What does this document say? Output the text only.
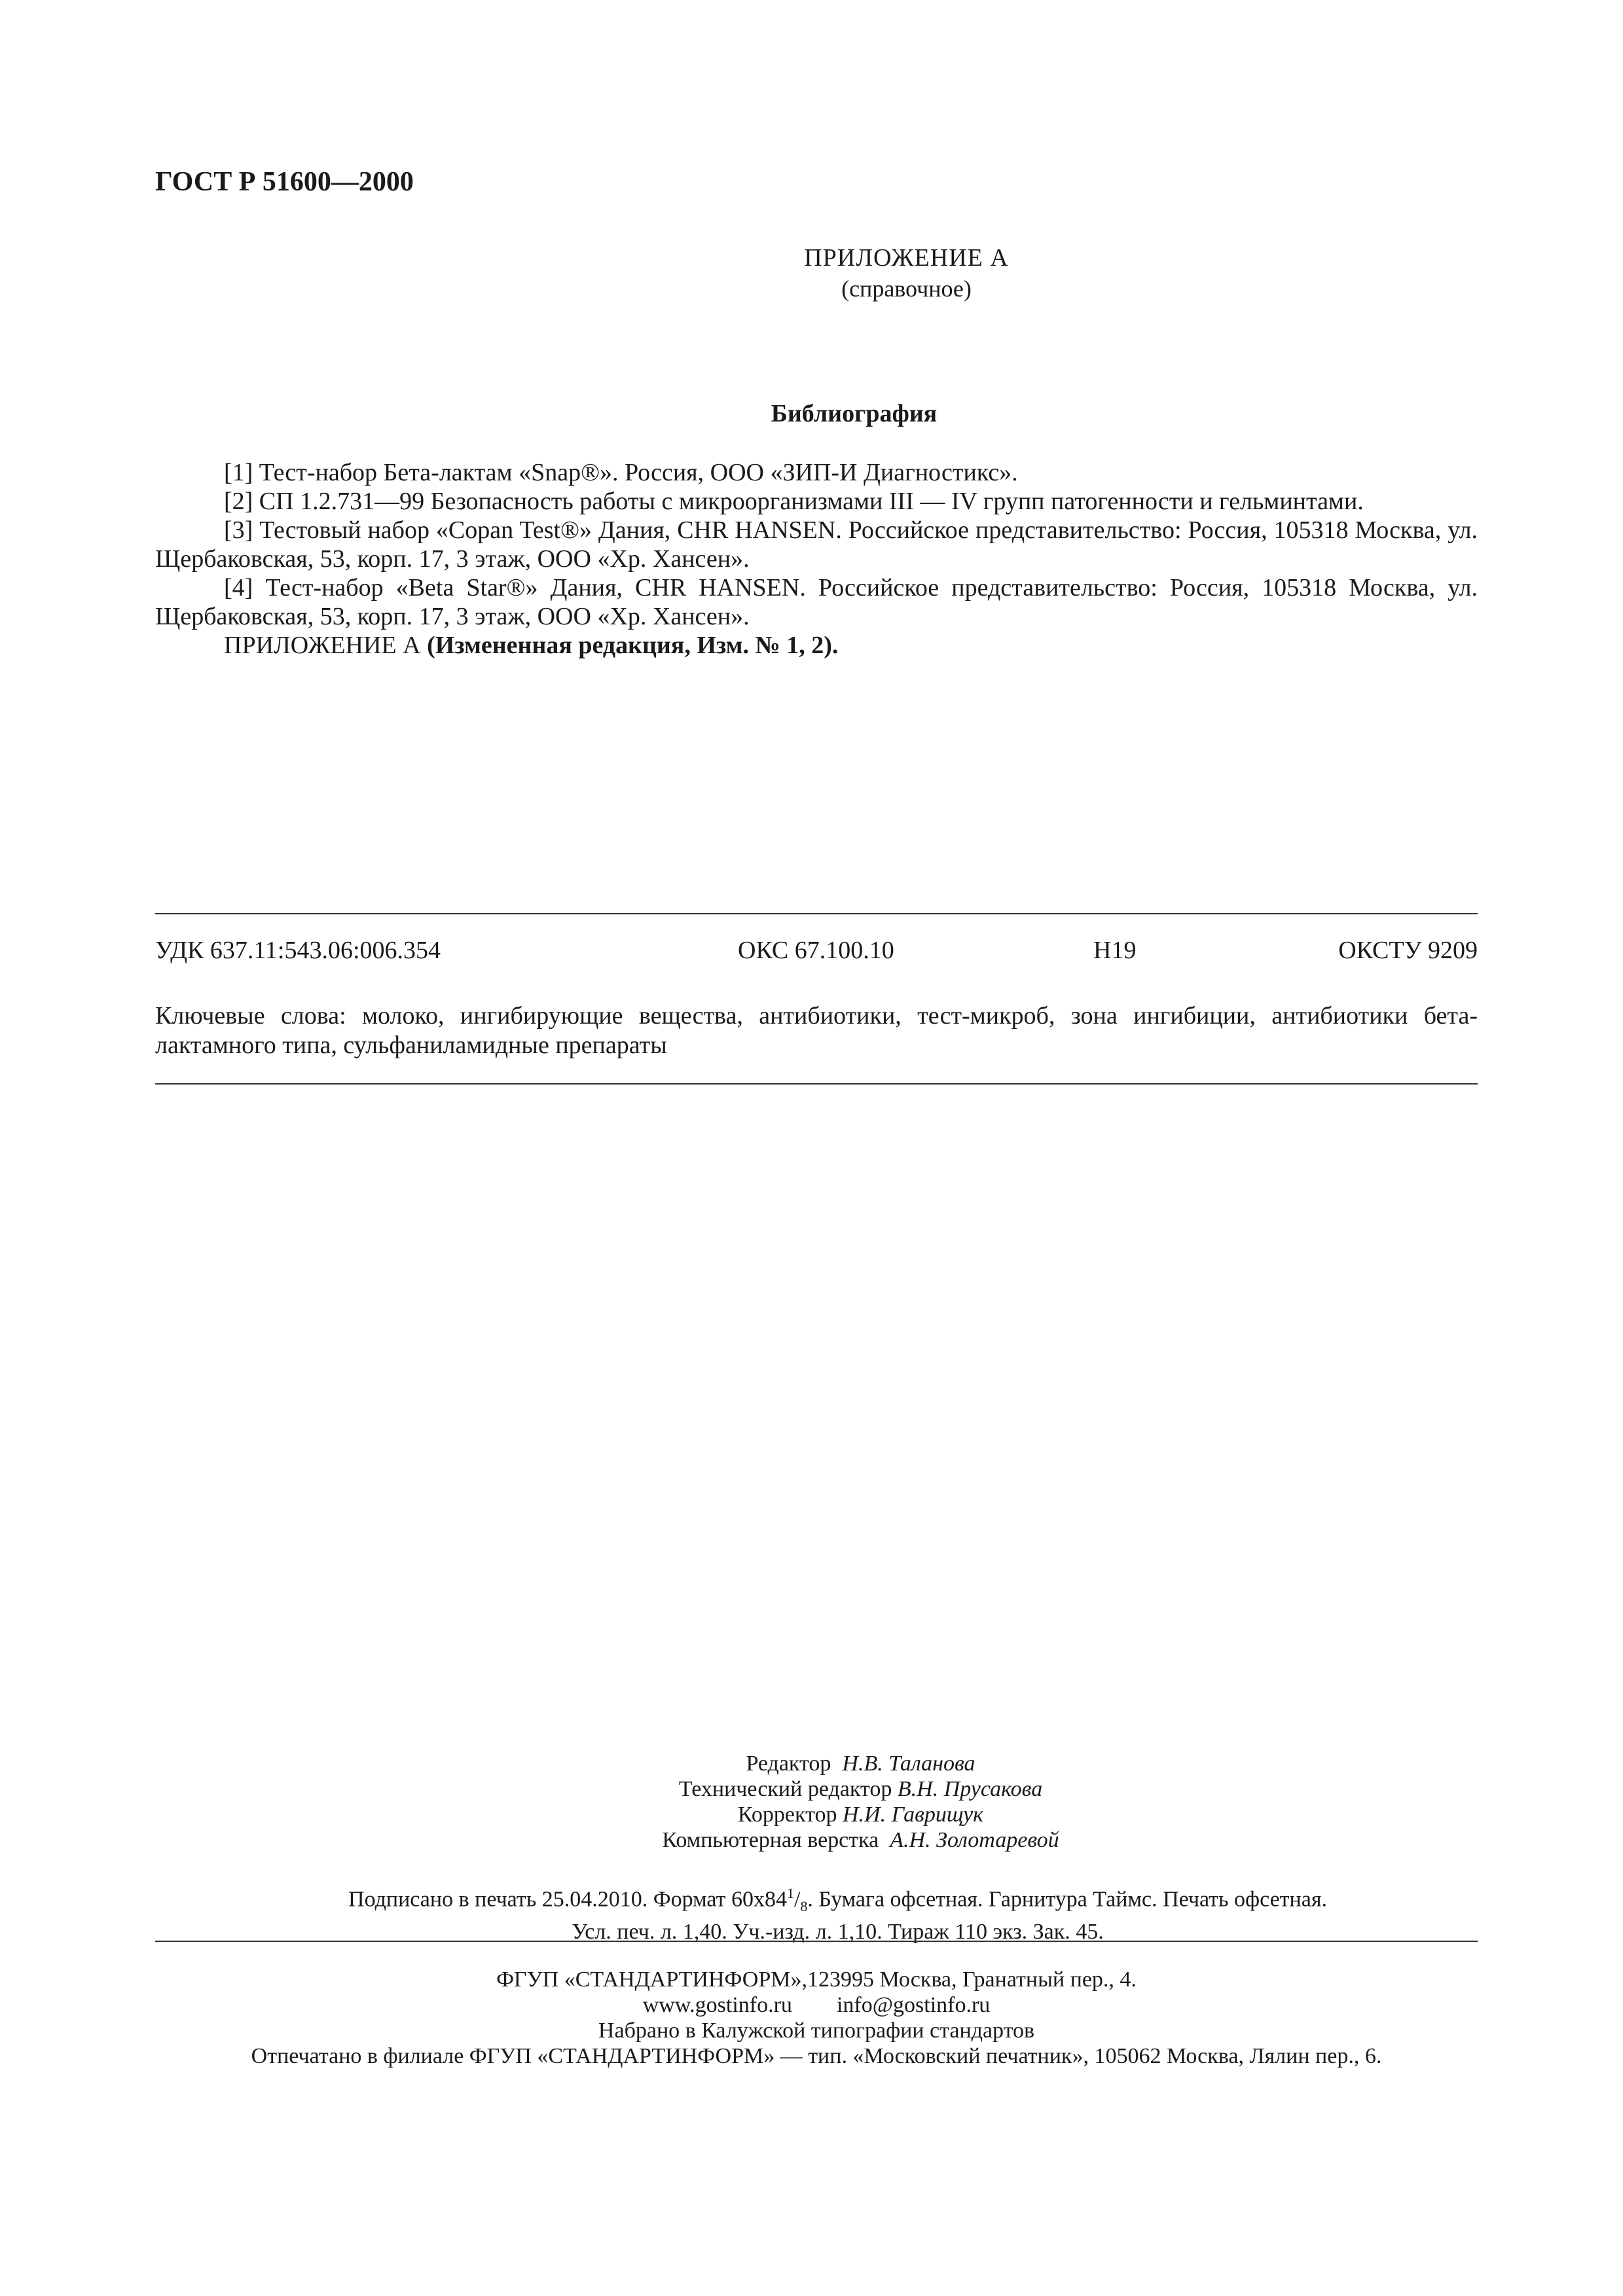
ГОСТ Р 51600—2000
ПРИЛОЖЕНИЕ А
(справочное)
Библиография

[1] Тест-набор Бета-лактам «Snap®». Россия, ООО «ЗИП-И Диагностикс».

[2] СП 1.2.731—99 Безопасность работы с микроорганизмами III — IV групп патогенности и гельминтами.

[3] Тестовый набор «Copan Test®» Дания, CHR HANSEN. Российское представительство: Россия, 105318 Москва, ул. Щербаковская, 53, корп. 17, 3 этаж, ООО «Хр. Хансен».

[4] Тест-набор «Beta Star®» Дания, CHR HANSEN. Российское представительство: Россия, 105318 Москва, ул. Щербаковская, 53, корп. 17, 3 этаж, ООО «Хр. Хансен».

ПРИЛОЖЕНИЕ А (Измененная редакция, Изм. № 1, 2).

УДК 637.11:543.06:006.354	ОКС 67.100.10	Н19	ОКСТУ 9209
Ключевые слова: молоко, ингибирующие вещества, антибиотики, тест-микроб, зона ингибиции, антибиотики бета-лактамного типа, сульфаниламидные препараты
Редактор Н.В. Таланова
Технический редактор В.Н. Прусакова
Корректор Н.И. Гаврищук
Компьютерная верстка А.Н. Золотаревой
Подписано в печать 25.04.2010. Формат $60х84^1/_8$. Бумага офсетная. Гарнитура Таймс. Печать офсетная.
Усл. печ. л. 1,40. Уч.-изд. л. 1,10. Тираж 110 экз. Зак. 45.
ФГУП «СТАНДАРТИНФОРМ»,123995 Москва, Гранатный пер., 4.
www.gostinfo.ru info@gostinfo.ru
Набрано в Калужской типографии стандартов
Отпечатано в филиале ФГУП «СТАНДАРТИНФОРМ» — тип. «Московский печатник», 105062 Москва, Лялин пер., 6.
